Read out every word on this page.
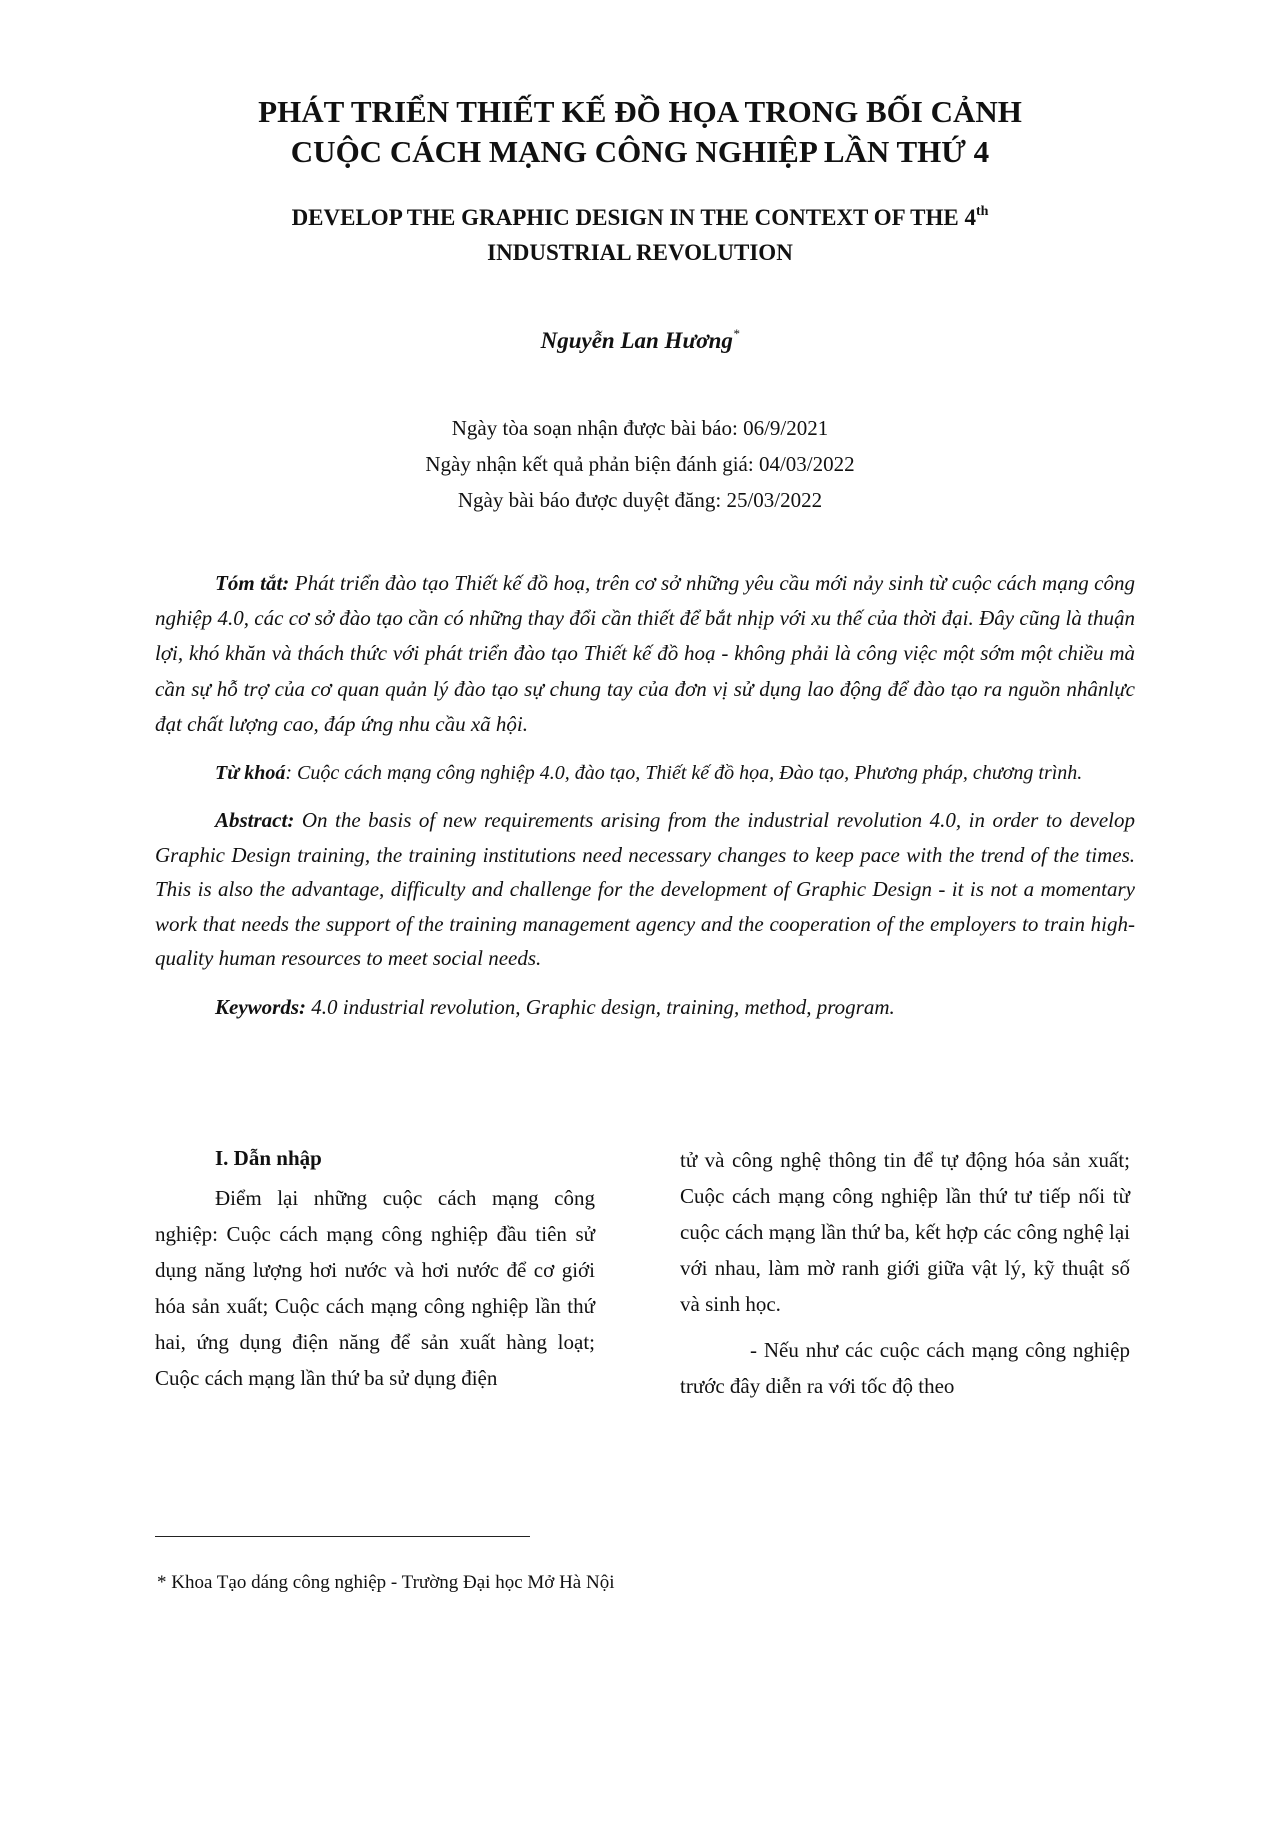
PHÁT TRIỂN THIẾT KẾ ĐỒ HỌA TRONG BỐI CẢNH
CUỘC CÁCH MẠNG CÔNG NGHIỆP LẦN THỨ 4
DEVELOP THE GRAPHIC DESIGN IN THE CONTEXT OF THE 4th
INDUSTRIAL REVOLUTION
Nguyễn Lan Hương*
Ngày tòa soạn nhận được bài báo: 06/9/2021
Ngày nhận kết quả phản biện đánh giá: 04/03/2022
Ngày bài báo được duyệt đăng: 25/03/2022

Tóm tắt: Phát triển đào tạo Thiết kế đồ hoạ, trên cơ sở những yêu cầu mới nảy sinh từ cuộc cách mạng công nghiệp 4.0, các cơ sở đào tạo cần có những thay đổi cần thiết để bắt nhịp với xu thế của thời đại. Đây cũng là thuận lợi, khó khăn và thách thức với phát triển đào tạo Thiết kế đồ hoạ - không phải là công việc một sớm một chiều mà cần sự hỗ trợ của cơ quan quản lý đào tạo sự chung tay của đơn vị sử dụng lao động để đào tạo ra nguồn nhânlực đạt chất lượng cao, đáp ứng nhu cầu xã hội.

Từ khoá: Cuộc cách mạng công nghiệp 4.0, đào tạo, Thiết kế đồ họa, Đào tạo, Phương pháp, chương trình.

Abstract: On the basis of new requirements arising from the industrial revolution 4.0, in order to develop Graphic Design training, the training institutions need necessary changes to keep pace with the trend of the times. This is also the advantage, difficulty and challenge for the development of Graphic Design - it is not a momentary work that needs the support of the training management agency and the cooperation of the employers to train high-quality human resources to meet social needs.

Keywords: 4.0 industrial revolution, Graphic design, training, method, program.

I. Dẫn nhập

Điểm lại những cuộc cách mạng công nghiệp: Cuộc cách mạng công nghiệp đầu tiên sử dụng năng lượng hơi nước và hơi nước để cơ giới hóa sản xuất; Cuộc cách mạng công nghiệp lần thứ hai, ứng dụng điện năng để sản xuất hàng loạt; Cuộc cách mạng lần thứ ba sử dụng điện

tử và công nghệ thông tin để tự động hóa sản xuất; Cuộc cách mạng công nghiệp lần thứ tư tiếp nối từ cuộc cách mạng lần thứ ba, kết hợp các công nghệ lại với nhau, làm mờ ranh giới giữa vật lý, kỹ thuật số và sinh học.

- Nếu như các cuộc cách mạng công nghiệp trước đây diễn ra với tốc độ theo

* Khoa Tạo dáng công nghiệp - Trường Đại học Mở Hà Nội
